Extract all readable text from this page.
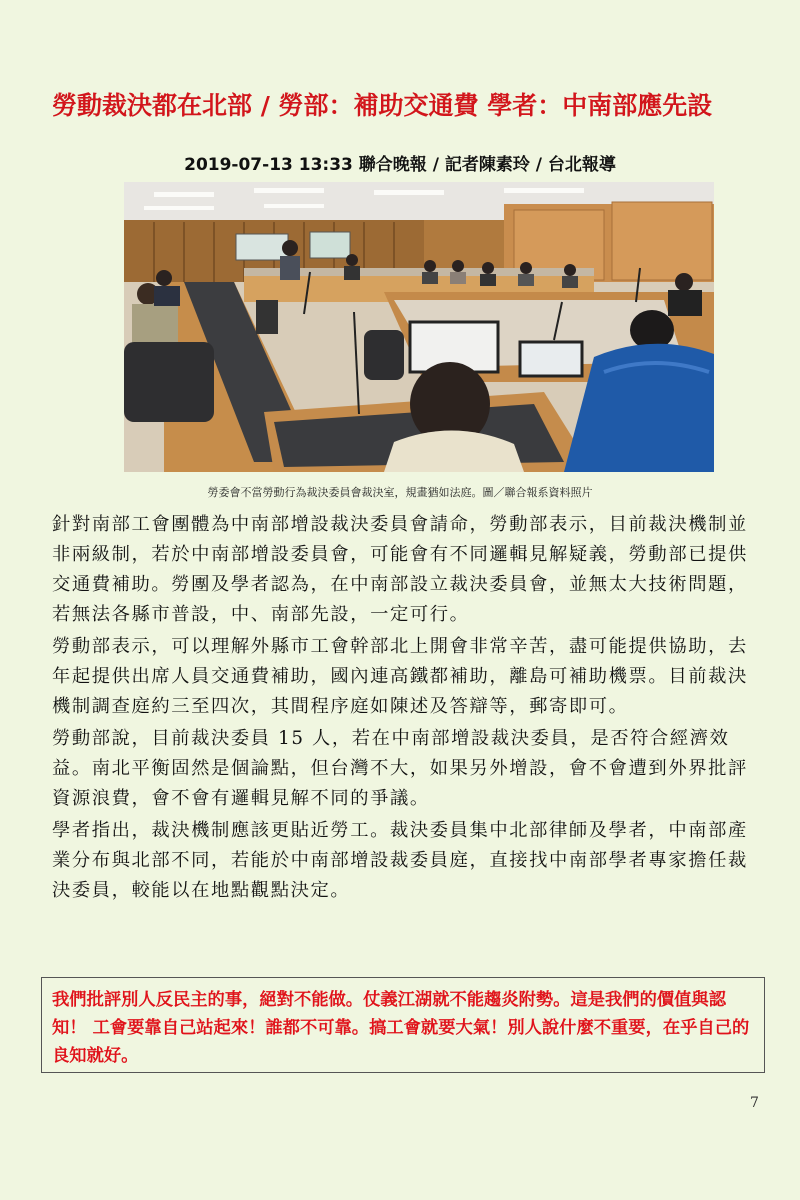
勞動裁決都在北部 / 勞部：補助交通費 學者：中南部應先設
2019-07-13 13:33 聯合晚報 / 記者陳素玲 / 台北報導
勞委會不當勞動行為裁決委員會裁決室，規畫猶如法庭。圖／聯合報系資料照片

針對南部工會團體為中南部增設裁決委員會請命，勞動部表示，目前裁決機制並非兩級制，若於中南部增設委員會，可能會有不同邏輯見解疑義，勞動部已提供交通費補助。勞團及學者認為，在中南部設立裁決委員會，並無太大技術問題，若無法各縣市普設，中、南部先設，一定可行。

勞動部表示，可以理解外縣市工會幹部北上開會非常辛苦，盡可能提供協助，去年起提供出席人員交通費補助，國內連高鐵都補助，離島可補助機票。目前裁決機制調查庭約三至四次，其間程序庭如陳述及答辯等，郵寄即可。

勞動部說，目前裁決委員 15 人，若在中南部增設裁決委員，是否符合經濟效益。南北平衡固然是個論點，但台灣不大，如果另外增設，會不會遭到外界批評資源浪費，會不會有邏輯見解不同的爭議。

學者指出，裁決機制應該更貼近勞工。裁決委員集中北部律師及學者，中南部產業分布與北部不同，若能於中南部增設裁委員庭，直接找中南部學者專家擔任裁決委員，較能以在地點觀點決定。

我們批評別人反民主的事，絕對不能做。仗義江湖就不能趨炎附勢。這是我們的價值與認知！ 工會要靠自己站起來！誰都不可靠。搞工會就要大氣！別人說什麼不重要，在乎自己的良知就好。
7
